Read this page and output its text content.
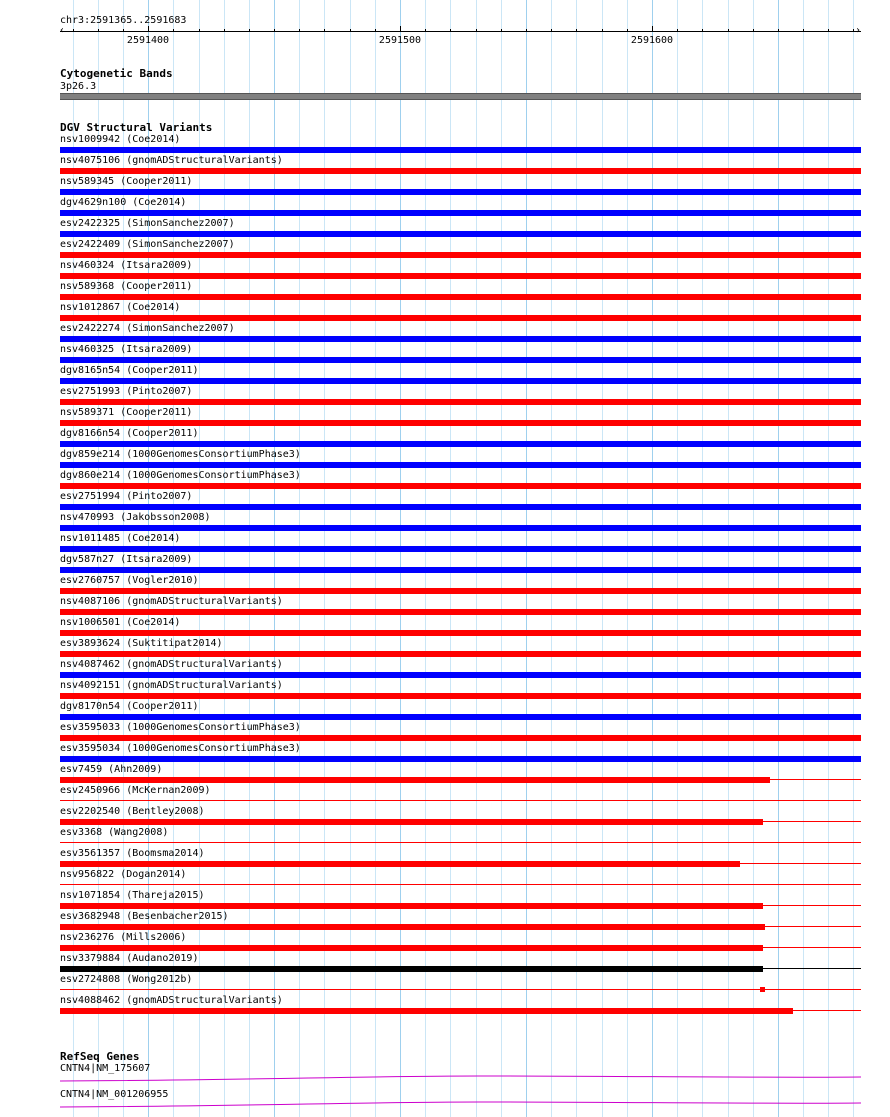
chr3:2591365..2591683
‹	›
2591400	2591500	2591600
Cytogenetic Bands
3p26.3
DGV Structural Variants
nsv1009942 (Coe2014)
nsv4075106 (gnomADStructuralVariants)
nsv589345 (Cooper2011)
dgv4629n100 (Coe2014)
esv2422325 (SimonSanchez2007)
esv2422409 (SimonSanchez2007)
nsv460324 (Itsara2009)
nsv589368 (Cooper2011)
nsv1012867 (Coe2014)
esv2422274 (SimonSanchez2007)
nsv460325 (Itsara2009)
dgv8165n54 (Cooper2011)
esv2751993 (Pinto2007)
nsv589371 (Cooper2011)
dgv8166n54 (Cooper2011)
dgv859e214 (1000GenomesConsortiumPhase3)
dgv860e214 (1000GenomesConsortiumPhase3)
esv2751994 (Pinto2007)
nsv470993 (Jakobsson2008)
nsv1011485 (Coe2014)
dgv587n27 (Itsara2009)
esv2760757 (Vogler2010)
nsv4087106 (gnomADStructuralVariants)
nsv1006501 (Coe2014)
esv3893624 (Suktitipat2014)
nsv4087462 (gnomADStructuralVariants)
nsv4092151 (gnomADStructuralVariants)
dgv8170n54 (Cooper2011)
esv3595033 (1000GenomesConsortiumPhase3)
esv3595034 (1000GenomesConsortiumPhase3)
esv7459 (Ahn2009)
esv2450966 (McKernan2009)
esv2202540 (Bentley2008)
esv3368 (Wang2008)
esv3561357 (Boomsma2014)
nsv956822 (Dogan2014)
nsv1071854 (Thareja2015)
esv3682948 (Besenbacher2015)
nsv236276 (Mills2006)
nsv3379884 (Audano2019)
esv2724808 (Wong2012b)
nsv4088462 (gnomADStructuralVariants)
RefSeq Genes
CNTN4|NM_175607
CNTN4|NM_001206955
